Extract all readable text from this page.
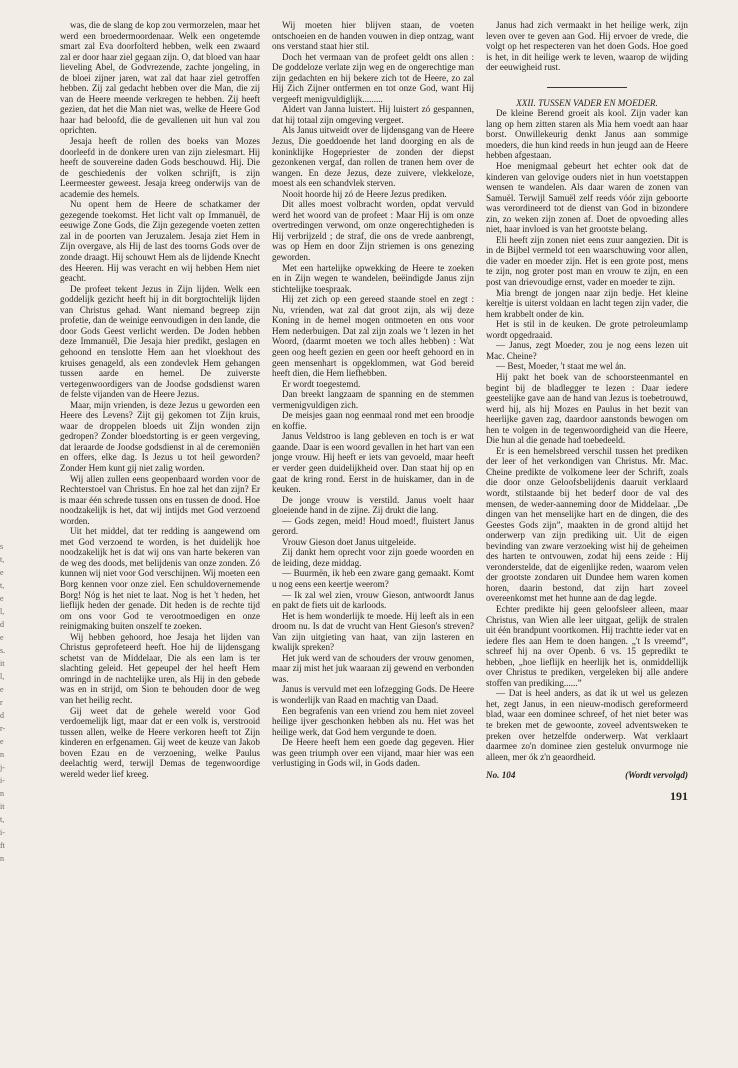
s
t,
e
t,
e
l,
d
e
s.
it
l,
e
r
d
r-
e
n
j-
i-
n
it
t,
i-
ft
n

was, die de slang de kop zou vermorzelen, maar het werd een broedermoordenaar. Welk een ongetemde smart zal Eva doorfolterd hebben, welk een zwaard zal er door haar ziel gegaan zijn. O, dat bloed van haar lieveling Abel, de Godvrezende, zachte jongeling, in de bloei zijner jaren, wat zal dat haar ziel getroffen hebben. Zij zal gedacht hebben over die Man, die zij van de Heere meende verkregen te hebben. Zij heeft gezien, dat het die Man niet was, welke de Heere God haar had beloofd, die de gevallenen uit hun val zou oprichten.

Jesaja heeft de rollen des boeks van Mozes doorleefd in de donkere uren van zijn zielesmart. Hij heeft de souvereine daden Gods beschouwd. Hij. Die de geschiedenis der volken schrijft, is zijn Leermeester geweest. Jesaja kreeg onderwijs van de academie des hemels.

Nu opent hem de Heere de schatkamer der gezegende toekomst. Het licht valt op Immanuël, de eeuwige Zone Gods, die Zijn gezegende voeten zetten zal in de poorten van Jeruzalem. Jesaja ziet Hem in Zijn overgave, als Hij de last des toorns Gods over de zonde draagt. Hij schouwt Hem als de lijdende Knecht des Heeren. Hij was veracht en wij hebben Hem niet geacht.

De profeet tekent Jezus in Zijn lijden. Welk een goddelijk gezicht heeft hij in dit borgtochtelijk lijden van Christus gehad. Want niemand begreep zijn profetie, dan de weinige eenvoudigen in den lande, die door Gods Geest verlicht werden. De Joden hebben deze Immanuël, Die Jesaja hier predikt, geslagen en gehoond en tenslotte Hem aan het vloekhout des kruises genageld, als een zondevlek Hem gehangen tussen aarde en hemel. De zuiverste vertegenwoordigers van de Joodse godsdienst waren de felste vijanden van de Heere Jezus.

Maar, mijn vrienden, is deze Jezus u geworden een Heere des Levens? Zijt gij gekomen tot Zijn kruis, waar de droppelen bloeds uit Zijn wonden zijn gedropen? Zonder bloedstorting is er geen vergeving, dat leraarde de Joodse godsdienst in al de ceremoniën en offers, elke dag. Is Jezus u tot heil geworden? Zonder Hem kunt gij niet zalig worden.

Wij allen zullen eens geopenbaard worden voor de Rechterstoel van Christus. En hoe zal het dan zijn? Er is maar één schrede tussen ons en tussen de dood. Hoe noodzakelijk is het, dat wij intijds met God verzoend worden.

Uit het middel, dat ter redding is aangewend om met God verzoend te worden, is het duidelijk hoe noodzakelijk het is dat wij ons van harte bekeren van de weg des doods, met belijdenis van onze zonden. Zó kunnen wij niet voor God verschijnen. Wij moeten een Borg kennen voor onze ziel. Een schuldovernemende Borg! Nóg is het niet te laat. Nog is het 't heden, het lieflijk heden der genade. Dit heden is de rechte tijd om ons voor God te verootmoedigen en onze reinigmaking buiten onszelf te zoeken.

Wij hebben gehoord, hoe Jesaja het lijden van Christus geprofeteerd heeft. Hoe hij de lijdensgang schetst van de Middelaar, Die als een lam is ter slachting geleid. Het gepeupel der hel heeft Hem omringd in de nachtelijke uren, als Hij in den gebede was en in strijd, om Sion te behouden door de weg van het heilig recht.

Gij weet dat de gehele wereld voor God verdoemelijk ligt, maar dat er een volk is, verstrooid tussen allen, welke de Heere verkoren heeft tot Zijn kinderen en erfgenamen. Gij weet de keuze van Jakob boven Ezau en de verzoening, welke Paulus deelachtig werd, terwijl Demas de tegenwoordige wereld weder lief kreeg.

Wij moeten hier blijven staan, de voeten ontschoeien en de handen vouwen in diep ontzag, want ons verstand staat hier stil.

Doch het vermaan van de profeet geldt ons allen : De goddeloze verlate zijn weg en de ongerechtige man zijn gedachten en hij bekere zich tot de Heere, zo zal Hij Zich Zijner ontfermen en tot onze God, want Hij vergeeft menigvuldiglijk.........

Aldert van Janna luistert. Hij luistert zó gespannen, dat hij totaal zijn omgeving vergeet.

Als Janus uitweidt over de lijdensgang van de Heere Jezus, Die goeddoende het land doorging en als de koninklijke Hogepriester de zonden der diepst gezonkenen vergaf, dan rollen de tranen hem over de wangen. En deze Jezus, deze zuivere, vlekkeloze, moest als een schandvlek sterven.

Nooit hoorde hij zó de Heere Jezus prediken.

Dit alles moest volbracht worden, opdat vervuld werd het woord van de profeet : Maar Hij is om onze overtredingen verwond, om onze ongerechtigheden is Hij verbrijzeld ; de straf, die ons de vrede aanbrengt, was op Hem en door Zijn striemen is ons genezing geworden.

Met een hartelijke opwekking de Heere te zoeken en in Zijn wegen te wandelen, beëindigde Janus zijn stichtelijke toespraak.

Hij zet zich op een gereed staande stoel en zegt : Nu, vrienden, wat zal dat groot zijn, als wij deze Koning in de hemel mogen ontmoeten en ons voor Hem nederbuigen. Dat zal zijn zoals we 't lezen in het Woord, (daarmt moeten we toch alles hebben) : Wat geen oog heeft gezien en geen oor heeft gehoord en in geen mensenhart is opgeklommen, wat God bereid heeft dien, die Hem liefhebben.

Er wordt toegestemd.

Dan breekt langzaam de spanning en de stemmen vermenigvuldigen zich.

De meisjes gaan nog eenmaal rond met een broodje en koffie.

Janus Veldstroo is lang gebleven en toch is er wat gaande. Daar is een woord gevallen in het hart van een jonge vrouw. Hij heeft er iets van gevoeld, maar heeft er verder geen duidelijkheid over. Dan staat hij op en gaat de kring rond. Eerst in de huiskamer, dan in de keuken.

De jonge vrouw is verstild. Janus voelt haar gloeiende hand in de zijne. Zij drukt die lang.

— Gods zegen, meid! Houd moed!, fluistert Janus gerord.

Vrouw Gieson doet Janus uitgeleide.

Zij dankt hem oprecht voor zijn goede woorden en de leiding, deze middag.

— Buurmën, ik heb een zware gang gemaakt. Komt u nog eens een keertje weerom?

— Ik zal wel zien, vrouw Gieson, antwoordt Janus en pakt de fiets uit de karloods.

Het is hem wonderlijk te moede. Hij leeft als in een droom nu. Is dat de vrucht van Hent Gieson's streven? Van zijn uitgieting van haat, van zijn lasteren en kwalijk spreken?

Het juk werd van de schouders der vrouw genomen, maar zij mist het juk waaraan zij gewend en verbonden was.

Janus is vervuld met een lofzegging Gods. De Heere is wonderlijk van Raad en machtig van Daad.

Een begrafenis van een vriend zou hem niet zoveel heilige ijver geschonken hebben als nu. Het was het heilige werk, dat God hem vergunde te doen.

De Heere heeft hem een goede dag gegeven. Hier was geen triumph over een vijand, maar hier was een verlustiging in Gods wil, in Gods daden.

Janus had zich vermaakt in het heilige werk, zijn leven over te geven aan God. Hij ervoer de vrede, die volgt op het respecteren van het doen Gods. Hoe goed is het, in dit heilige werk te leven, waarop de wijding der eeuwigheid rust.

XXII. TUSSEN VADER EN MOEDER.

De kleine Berend groeit als kool. Zijn vader kan lang op hem zitten staren als Mia hem voedt aan haar borst. Onwillekeurig denkt Janus aan sommige moeders, die hun kind reeds in hun jeugd aan de Heere hebben afgestaan.

Hoe menigmaal gebeurt het echter ook dat de kinderen van gelovige ouders niet in hun voetstappen wensen te wandelen. Als daar waren de zonen van Samuël. Terwijl Samuël zelf reeds vóór zijn geboorte was verordineerd tot de dienst van God in bizondere zin, zo weken zijn zonen af. Doet de opvoeding alles niet, haar invloed is van het grootste belang.

Eli heeft zijn zonen niet eens zuur aangezien. Dit is in de Bijbel vermeld tot een waarschuwing voor allen, die vader en moeder zijn. Het is een grote post, mens te zijn, nog groter post man en vrouw te zijn, en een post van drievoudige ernst, vader en moeder te zijn.

Mia brengt de jongen naar zijn bedje. Het kleine kereltje is uiterst voldaan en lacht tegen zijn vader, die hem krabbelt onder de kin.

Het is stil in de keuken. De grote petroleumlamp wordt opgedraaid.

— Janus, zegt Moeder, zou je nog eens lezen uit Mac. Cheine?

— Best, Moeder, 't staat me wel án.

Hij pakt het boek van de schoorsteenmantel en begint bij de bladlegger te lezen : Daar iedere geestelijke gave aan de hand van Jezus is toebetrouwd, werd hij, als hij Mozes en Paulus in het bezit van heerlijke gaven zag, daardoor aanstonds bewogen om hen te volgen in de tegenwoordigheid van die Heere, Die hun al die genade had toebedeeld.

Er is een hemelsbreed verschil tussen het prediken der leer of het verkondigen van Christus. Mr. Mac. Cheine predikte de volkomene leer der Schrift, zoals die door onze Geloofsbelijdenis daaruit verklaard wordt, stilstaande bij het bederf door de val des mensen, de weder-aanneming door de Middelaar. „De dingen van het menselijke hart en de dingen, die des Geestes Gods zijn”, maakten in de grond altijd het onderwerp van zijn prediking uit. Uit de eigen bevinding van zware verzoeking wist hij de geheimen des harten te ontvouwen, zodat hij eens zeide : Hij veronderstelde, dat de eigenlijke reden, waarom velen der grootste zondaren uit Dundee hem waren komen horen, daarin bestond, dat zijn hart zoveel overeenkomst met het hunne aan de dag legde.

Echter predikte hij geen geloofsleer alleen, maar Christus, van Wien alle leer uitgaat, gelijk de stralen uit één brandpunt voortkomen. Hij trachtte ieder vat en iedere fles aan Hem te doen hangen. „'t Is vreemd”, schreef hij na over Openb. 6 vs. 15 gepredikt te hebben, „hoe lieflijk en heerlijk het is, onmiddellijk over Christus te prediken, vergeleken bij alle andere stoffen van prediking......”

— Dat is heel anders, as dat ik ut wel us gelezen het, zegt Janus, in een nieuw-modisch gereformeerd blad, waar een dominee schreef, of het niet beter was te breken met de gewoonte, zoveel adventsweken te preken over hetzelfde onderwerp. Wat verklaart daarmee zo'n dominee zien gesteluk onvurmoge nie alleen, mer ók z'n geaordheid.

No. 104	(Wordt vervolgd)
191
